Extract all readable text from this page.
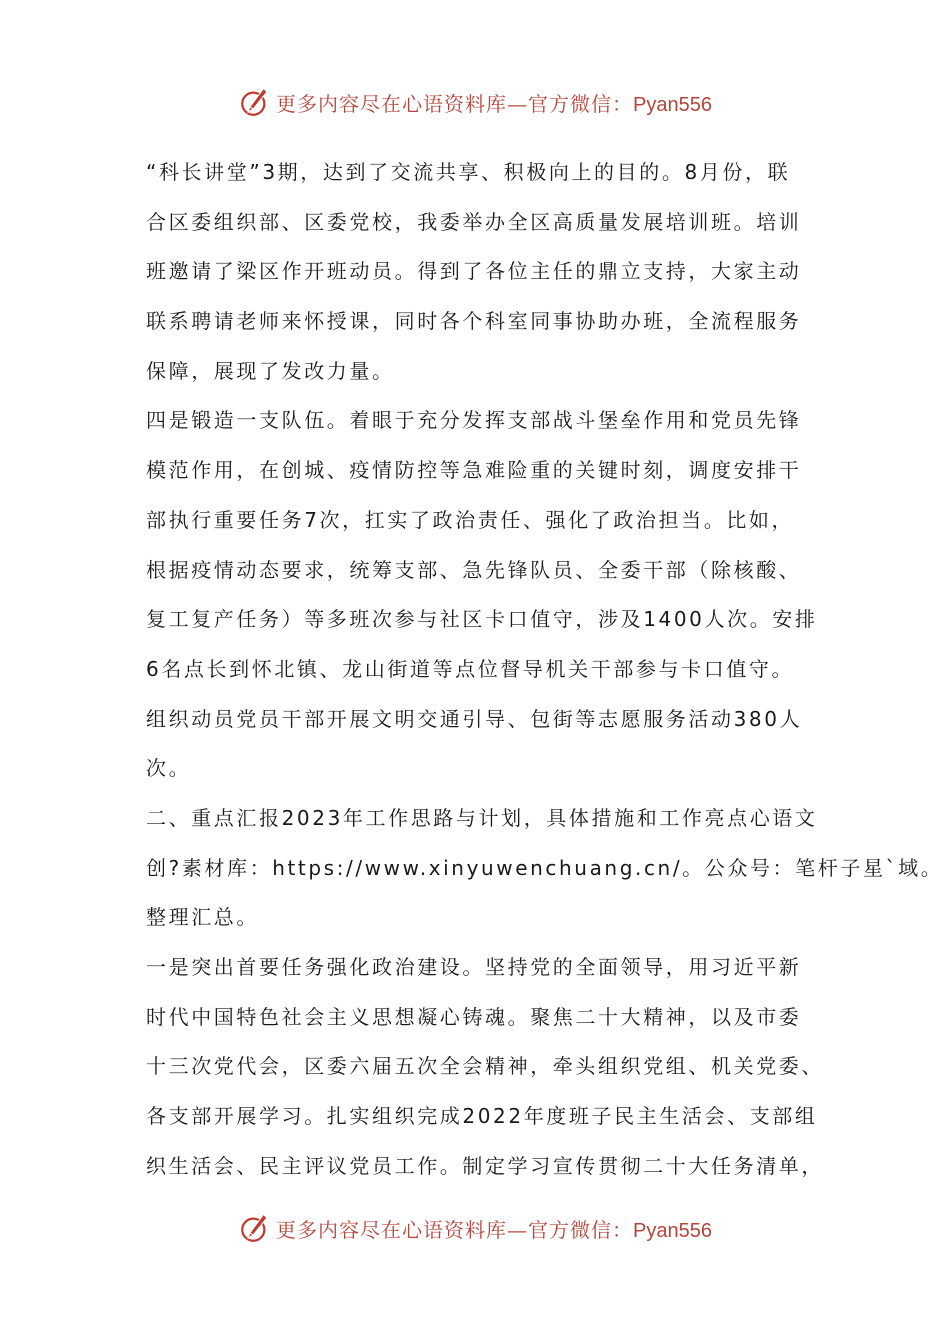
更多内容尽在心语资料库—官方微信：Pyan556
“科长讲堂”3期，达到了交流共享、积极向上的目的。8月份，联
合区委组织部、区委党校，我委举办全区高质量发展培训班。培训
班邀请了梁区作开班动员。得到了各位主任的鼎立支持，大家主动
联系聘请老师来怀授课，同时各个科室同事协助办班，全流程服务
保障，展现了发改力量。
四是锻造一支队伍。着眼于充分发挥支部战斗堡垒作用和党员先锋
模范作用，在创城、疫情防控等急难险重的关键时刻，调度安排干
部执行重要任务7次，扛实了政治责任、强化了政治担当。比如，
根据疫情动态要求，统筹支部、急先锋队员、全委干部（除核酸、
复工复产任务）等多班次参与社区卡口值守，涉及1400人次。安排
6名点长到怀北镇、龙山街道等点位督导机关干部参与卡口值守。
组织动员党员干部开展文明交通引导、包街等志愿服务活动380人
次。
二、重点汇报2023年工作思路与计划，具体措施和工作亮点心语文
创?素材库：https://www.xinyuwenchuang.cn/。公众号：笔杆子星`域。
整理汇总。
一是突出首要任务强化政治建设。坚持党的全面领导，用习近平新
时代中国特色社会主义思想凝心铸魂。聚焦二十大精神，以及市委
十三次党代会，区委六届五次全会精神，牵头组织党组、机关党委、
各支部开展学习。扎实组织完成2022年度班子民主生活会、支部组
织生活会、民主评议党员工作。制定学习宣传贯彻二十大任务清单，
更多内容尽在心语资料库—官方微信：Pyan556
